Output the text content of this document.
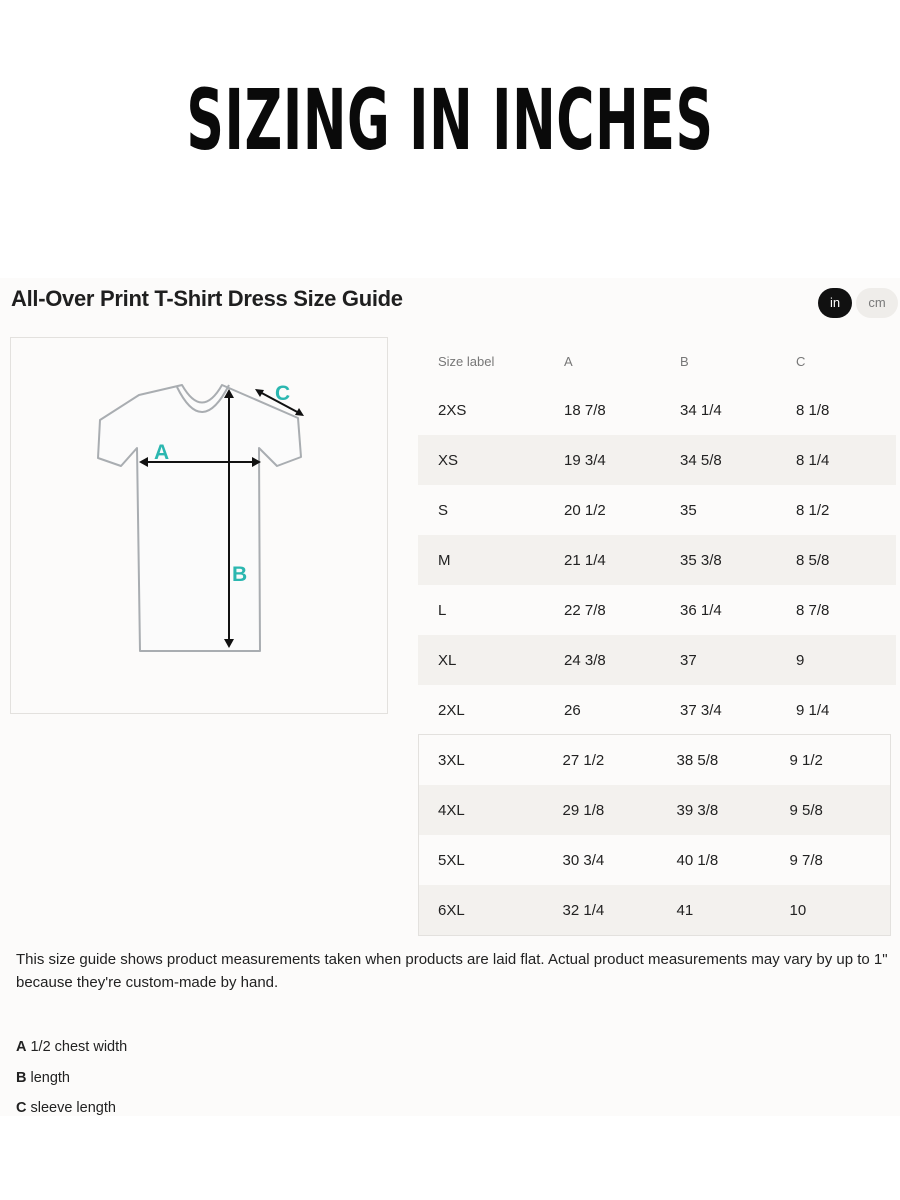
SIZING IN INCHES
All-Over Print T-Shirt Dress Size Guide	in	cm
A
B
C
Size label	A	B	C
2XS	18 7/8	34 1/4	8 1/8
XS	19 3/4	34 5/8	8 1/4
S	20 1/2	35	8 1/2
M	21 1/4	35 3/8	8 5/8
L	22 7/8	36 1/4	8 7/8
XL	24 3/8	37	9
2XL	26	37 3/4	9 1/4
3XL	27 1/2	38 5/8	9 1/2
4XL	29 1/8	39 3/8	9 5/8
5XL	30 3/4	40 1/8	9 7/8
6XL	32 1/4	41	10

This size guide shows product measurements taken when products are laid flat. Actual product measurements may vary by up to 1" because they're custom-made by hand.

A 1/2 chest width
B length
C sleeve length
